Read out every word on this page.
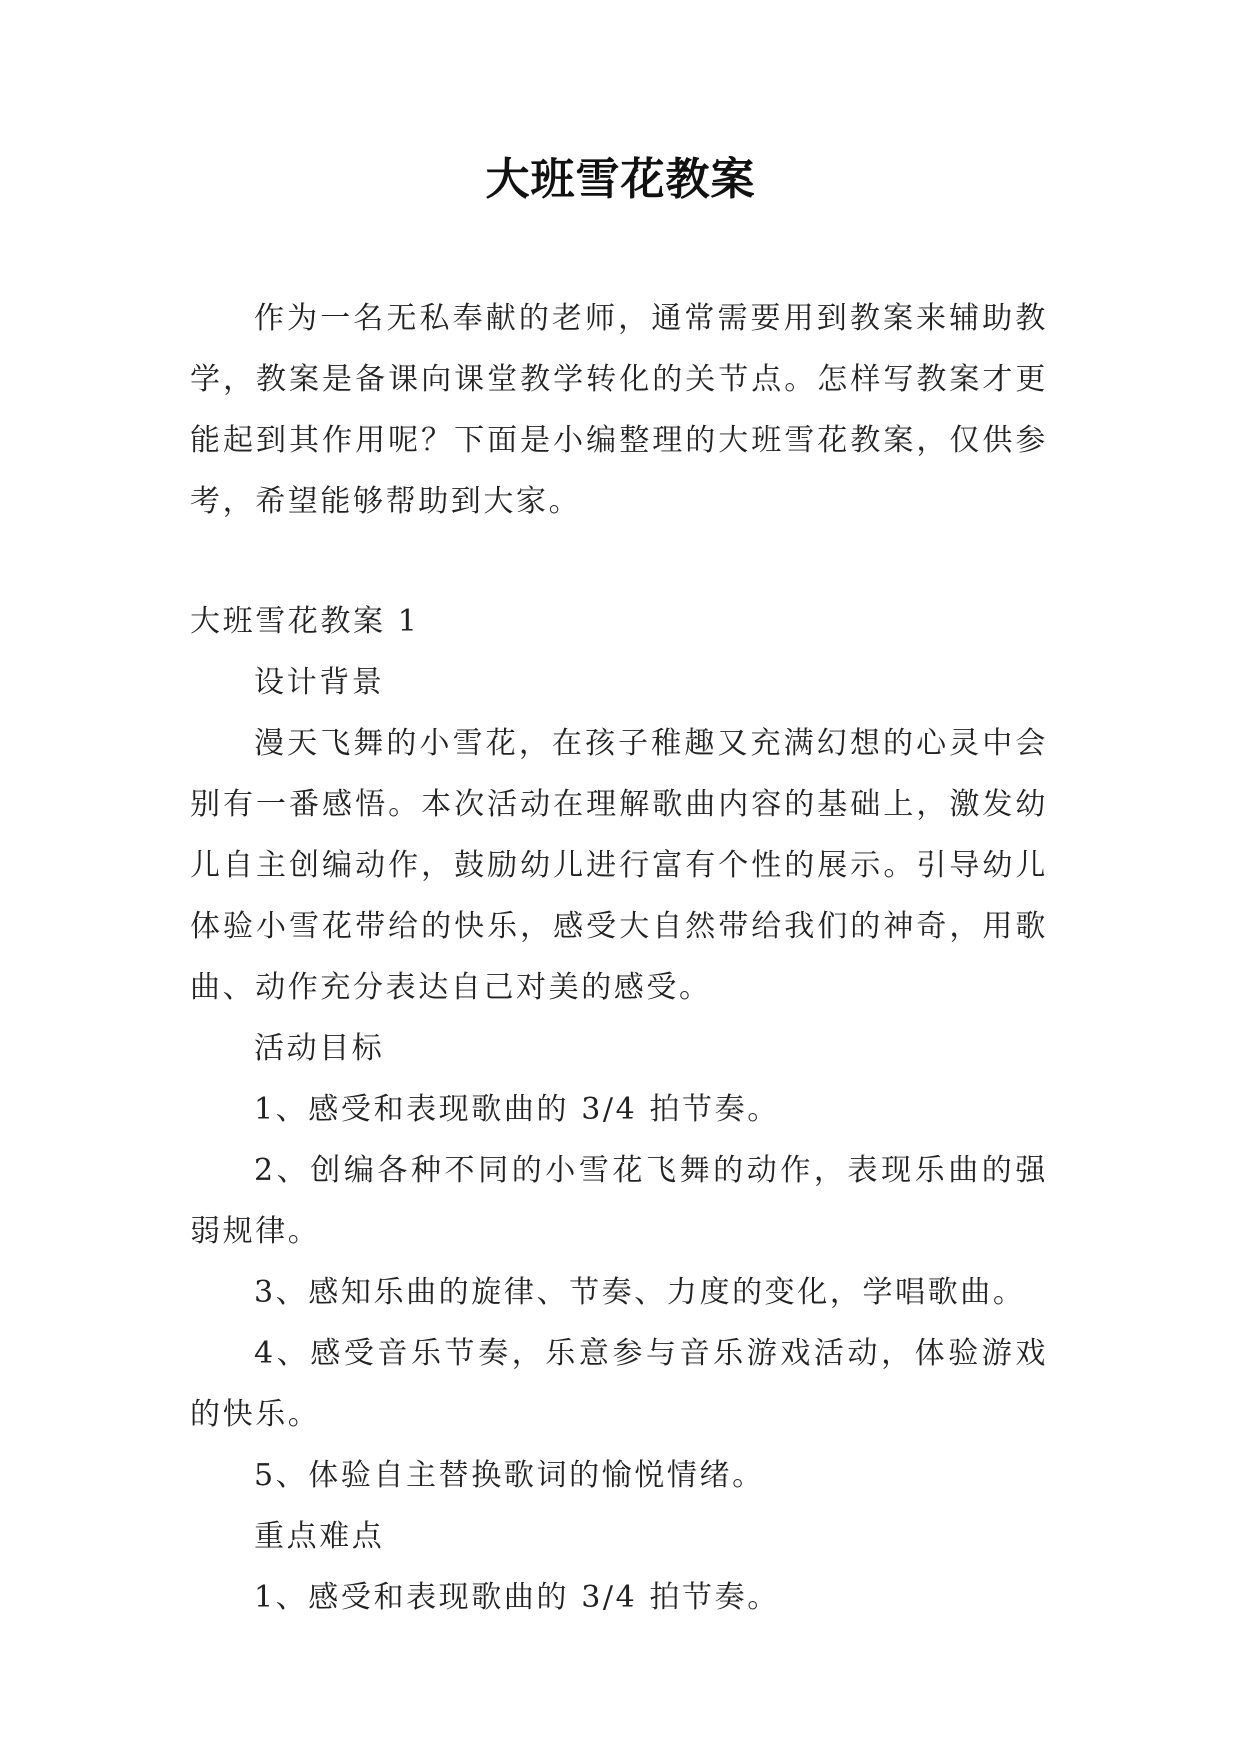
大班雪花教案

作为一名无私奉献的老师，通常需要用到教案来辅助教学，教案是备课向课堂教学转化的关节点。怎样写教案才更能起到其作用呢？下面是小编整理的大班雪花教案，仅供参考，希望能够帮助到大家。

大班雪花教案 1

设计背景

漫天飞舞的小雪花，在孩子稚趣又充满幻想的心灵中会别有一番感悟。本次活动在理解歌曲内容的基础上，激发幼儿自主创编动作，鼓励幼儿进行富有个性的展示。引导幼儿体验小雪花带给的快乐，感受大自然带给我们的神奇，用歌曲、动作充分表达自己对美的感受。

活动目标

1、感受和表现歌曲的 3/4 拍节奏。

2、创编各种不同的小雪花飞舞的动作，表现乐曲的强弱规律。

3、感知乐曲的旋律、节奏、力度的变化，学唱歌曲。

4、感受音乐节奏，乐意参与音乐游戏活动，体验游戏的快乐。

5、体验自主替换歌词的愉悦情绪。

重点难点

1、感受和表现歌曲的 3/4 拍节奏。
